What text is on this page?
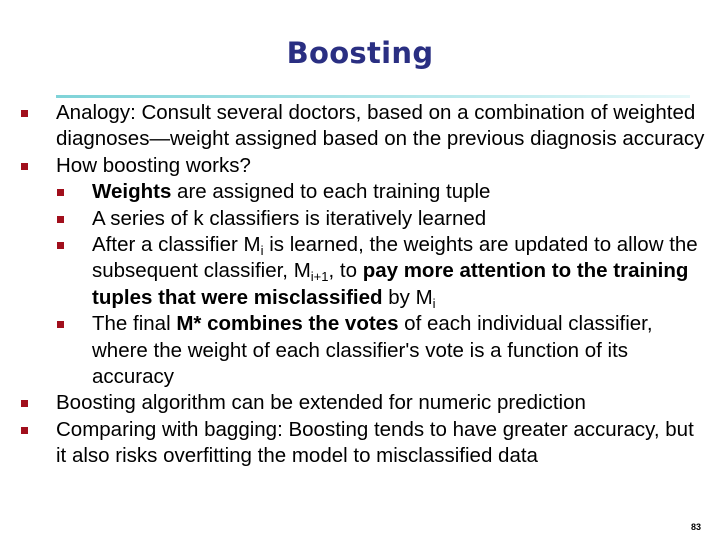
Boosting
Analogy: Consult several doctors, based on a combination of weighted diagnoses—weight assigned based on the previous diagnosis accuracy
How boosting works?
Weights are assigned to each training tuple
A series of k classifiers is iteratively learned
After a classifier $M_i$ is learned, the weights are updated to allow the subsequent classifier, $M_{i+1}$, to pay more attention to the training tuples that were misclassified by $M_i$
The final M* combines the votes of each individual classifier, where the weight of each classifier's vote is a function of its accuracy
Boosting algorithm can be extended for numeric prediction
Comparing with bagging: Boosting tends to have greater accuracy, but it also risks overfitting the model to misclassified data
83
